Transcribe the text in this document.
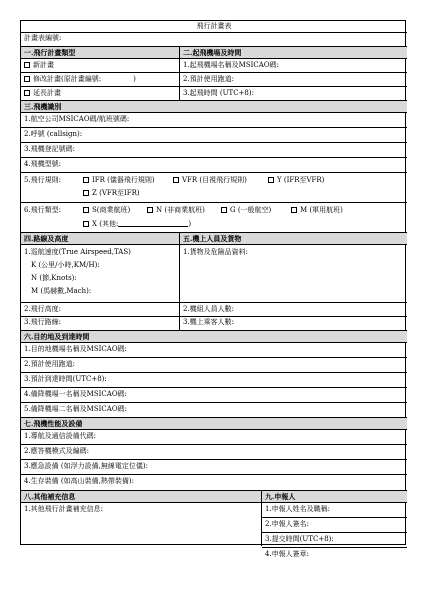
飛行計畫表
計畫表編號:
一.飛行計畫類型	二.起飛機場及時間
新計畫
修改計畫(原計畫編號:	)
延長計畫
1.起飛機場名稱及MSICAO碼:
2.預計使用跑道:
3.起飛時間 (UTC+8):
三.飛機識別
1.航空公司MSICAO碼/航班號碼:
2.呼號 (callsign):
3.飛機登記號碼:
4.飛機型號:
5.飛行規則:	IFR (儀器飛行規則)	VFR (目視飛行規則)	Y (IFR至VFR)
Z (VFR至IFR)
6.飛行類型:	S(商業航班)	N (非商業航班)	G (一般航空)	M (軍用航班)
X (其他:	)
四.路線及高度	五.機上人員及貨物
1.巡航速度(True Airspeed,TAS)
K (公里/小時,KM/H):
N (節,Knots):
M (馬赫數,Mach):
1.貨物及危險品資料:
2.飛行高度:	2.機組人員人數:
3.飛行路線:	3.機上乘客人數:
六.目的地及到達時間
1.目的地機場名稱及MSICAO碼:
2.預計使用跑道:
3.預計到達時間(UTC+8):
4.備降機場一名稱及MSICAO碼:
5.備降機場二名稱及MSICAO碼:
七.飛機性能及設備
1.導航及通信設備代碼:
2.應答機模式及編碼:
3.應急設備 (如浮力設備,無線電定位儀):
4.生存裝備 (如高山裝備,熱帶裝備):
八.其他補充信息	九.申報人
1.其他飛行計畫補充信息:	1.申報人姓名及職稱:
2.申報人簽名:
3.提交時間(UTC+8):
4.申報人簽章:
